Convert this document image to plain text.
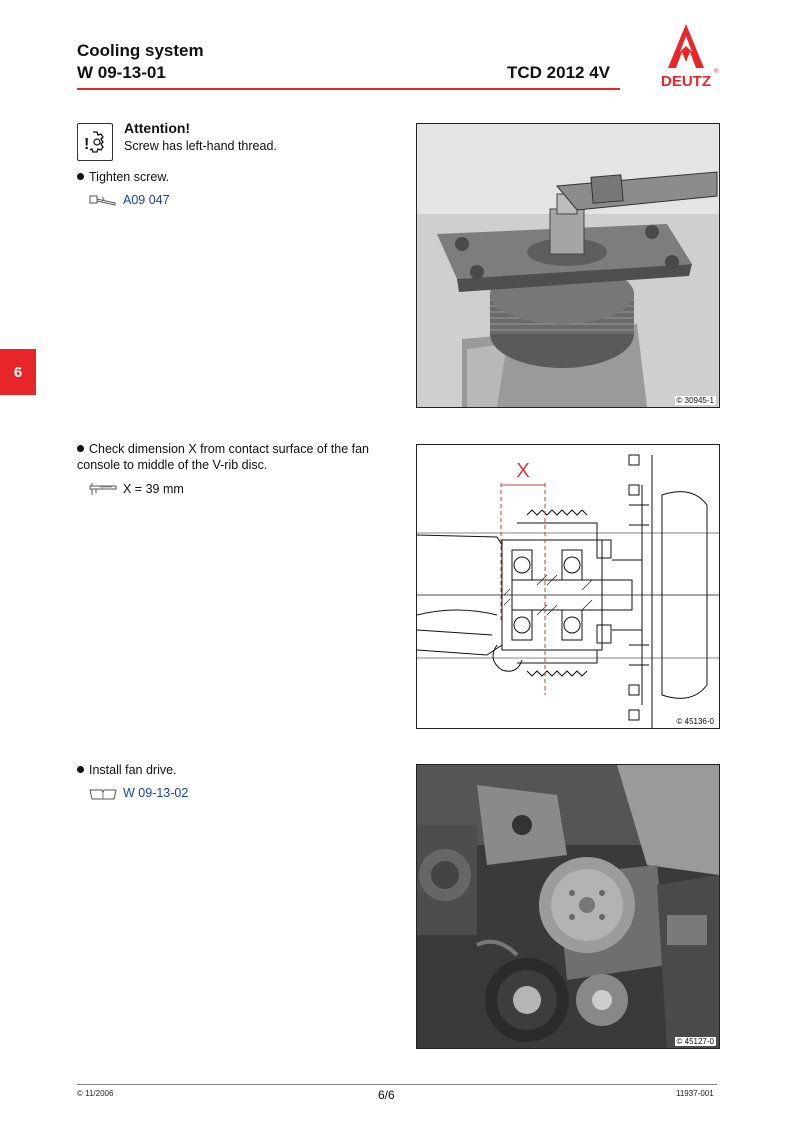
Cooling system
W 09-13-01	TCD 2012 4V	DEUTZ
®
6
!
Attention!
Screw has left-hand thread.
Tighten screw.
A09 047
Check dimension X from contact surface of the fan console to middle of the V-rib disc.
X = 39 mm
Install fan drive.
W 09-13-02
© 30945-1
X
© 45136-0
© 45127-0
© 11/2006	6/6	11937-001
